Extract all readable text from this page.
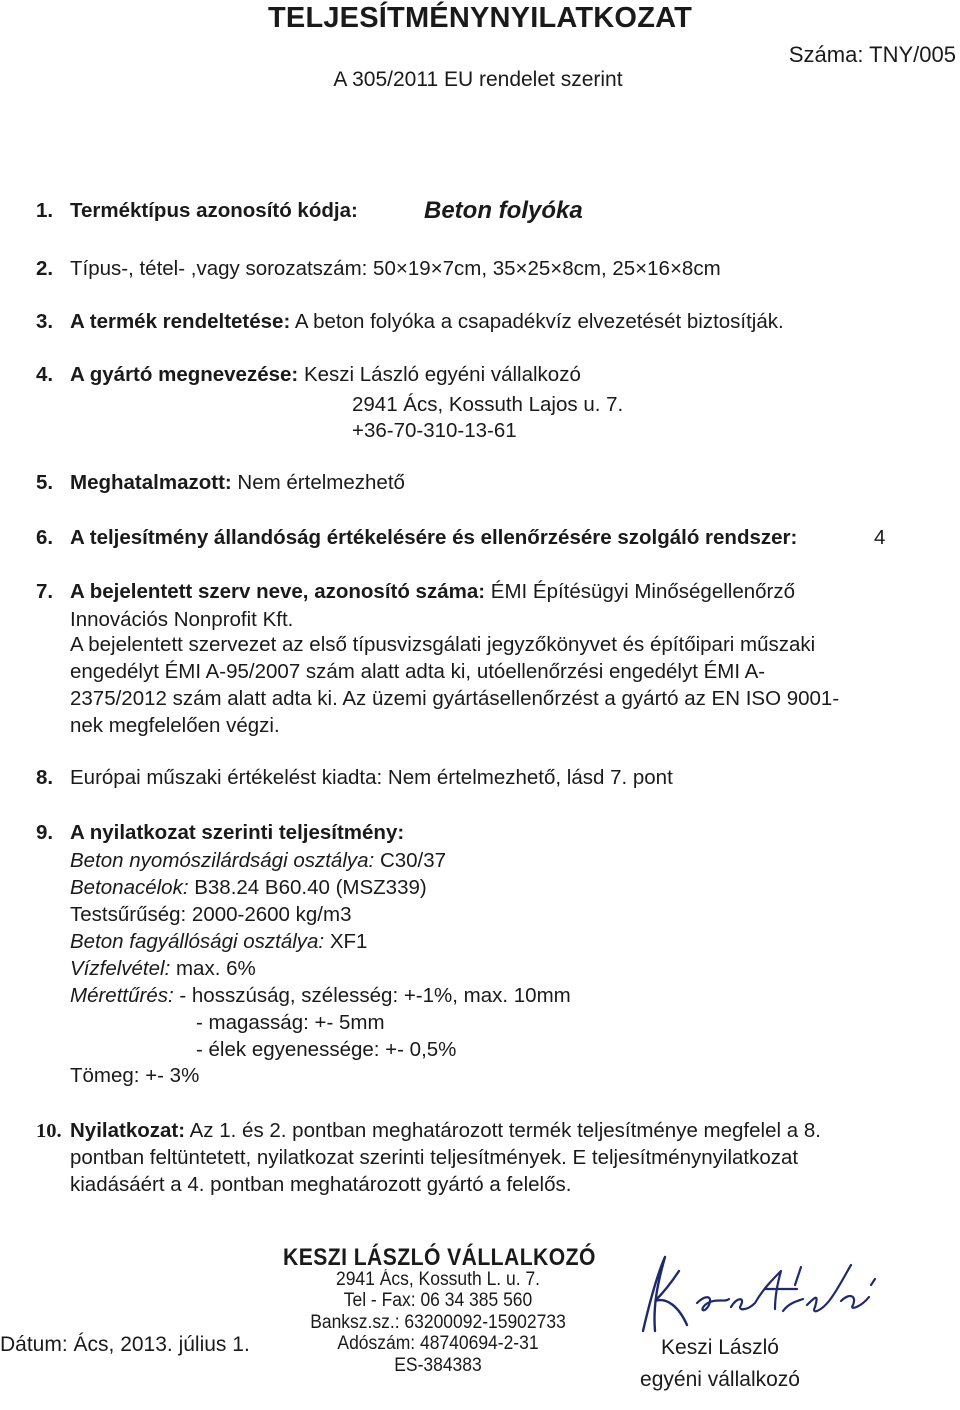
TELJESÍTMÉNYNYILATKOZAT
Száma: TNY/005
A 305/2011 EU rendelet szerint
1. Terméktípus azonosító kódja:	Beton folyóka
2. Típus-, tétel- ,vagy sorozatszám: 50×19×7cm, 35×25×8cm, 25×16×8cm
3. A termék rendeltetése: A beton folyóka a csapadékvíz elvezetését biztosítják.
4. A gyártó megnevezése: Keszi László egyéni vállalkozó
2941 Ács, Kossuth Lajos u. 7.
+36-70-310-13-61
5. Meghatalmazott: Nem értelmezhető
6. A teljesítmény állandóság értékelésére és ellenőrzésére szolgáló rendszer:	4
7. A bejelentett szerv neve, azonosító száma: ÉMI Építésügyi Minőségellenőrző
Innovációs Nonprofit Kft.
A bejelentett szervezet az első típusvizsgálati jegyzőkönyvet és építőipari műszaki
engedélyt ÉMI A-95/2007 szám alatt adta ki, utóellenőrzési engedélyt ÉMI A-
2375/2012 szám alatt adta ki. Az üzemi gyártásellenőrzést a gyártó az EN ISO 9001-
nek megfelelően végzi.
8. Európai műszaki értékelést kiadta: Nem értelmezhető, lásd 7. pont
9. A nyilatkozat szerinti teljesítmény:
Beton nyomószilárdsági osztálya: C30/37
Betonacélok: B38.24 B60.40 (MSZ339)
Testsűrűség: 2000-2600 kg/m3
Beton fagyállósági osztálya: XF1
Vízfelvétel: max. 6%
Mérettűrés: - hosszúság, szélesség: +-1%, max. 10mm
- magasság: +- 5mm
- élek egyenessége: +- 0,5%
Tömeg: +- 3%
10. Nyilatkozat: Az 1. és 2. pontban meghatározott termék teljesítménye megfelel a 8.
pontban feltüntetett, nyilatkozat szerinti teljesítmények. E teljesítménynyilatkozat
kiadásáért a 4. pontban meghatározott gyártó a felelős.
KESZI LÁSZLÓ VÁLLALKOZÓ
2941 Ács, Kossuth L. u. 7.
Tel - Fax: 06 34 385 560
Banksz.sz.: 63200092-15902733
Adószám: 48740694-2-31
ES-384383
Dátum: Ács, 2013. július 1.	Keszi László
egyéni vállalkozó
